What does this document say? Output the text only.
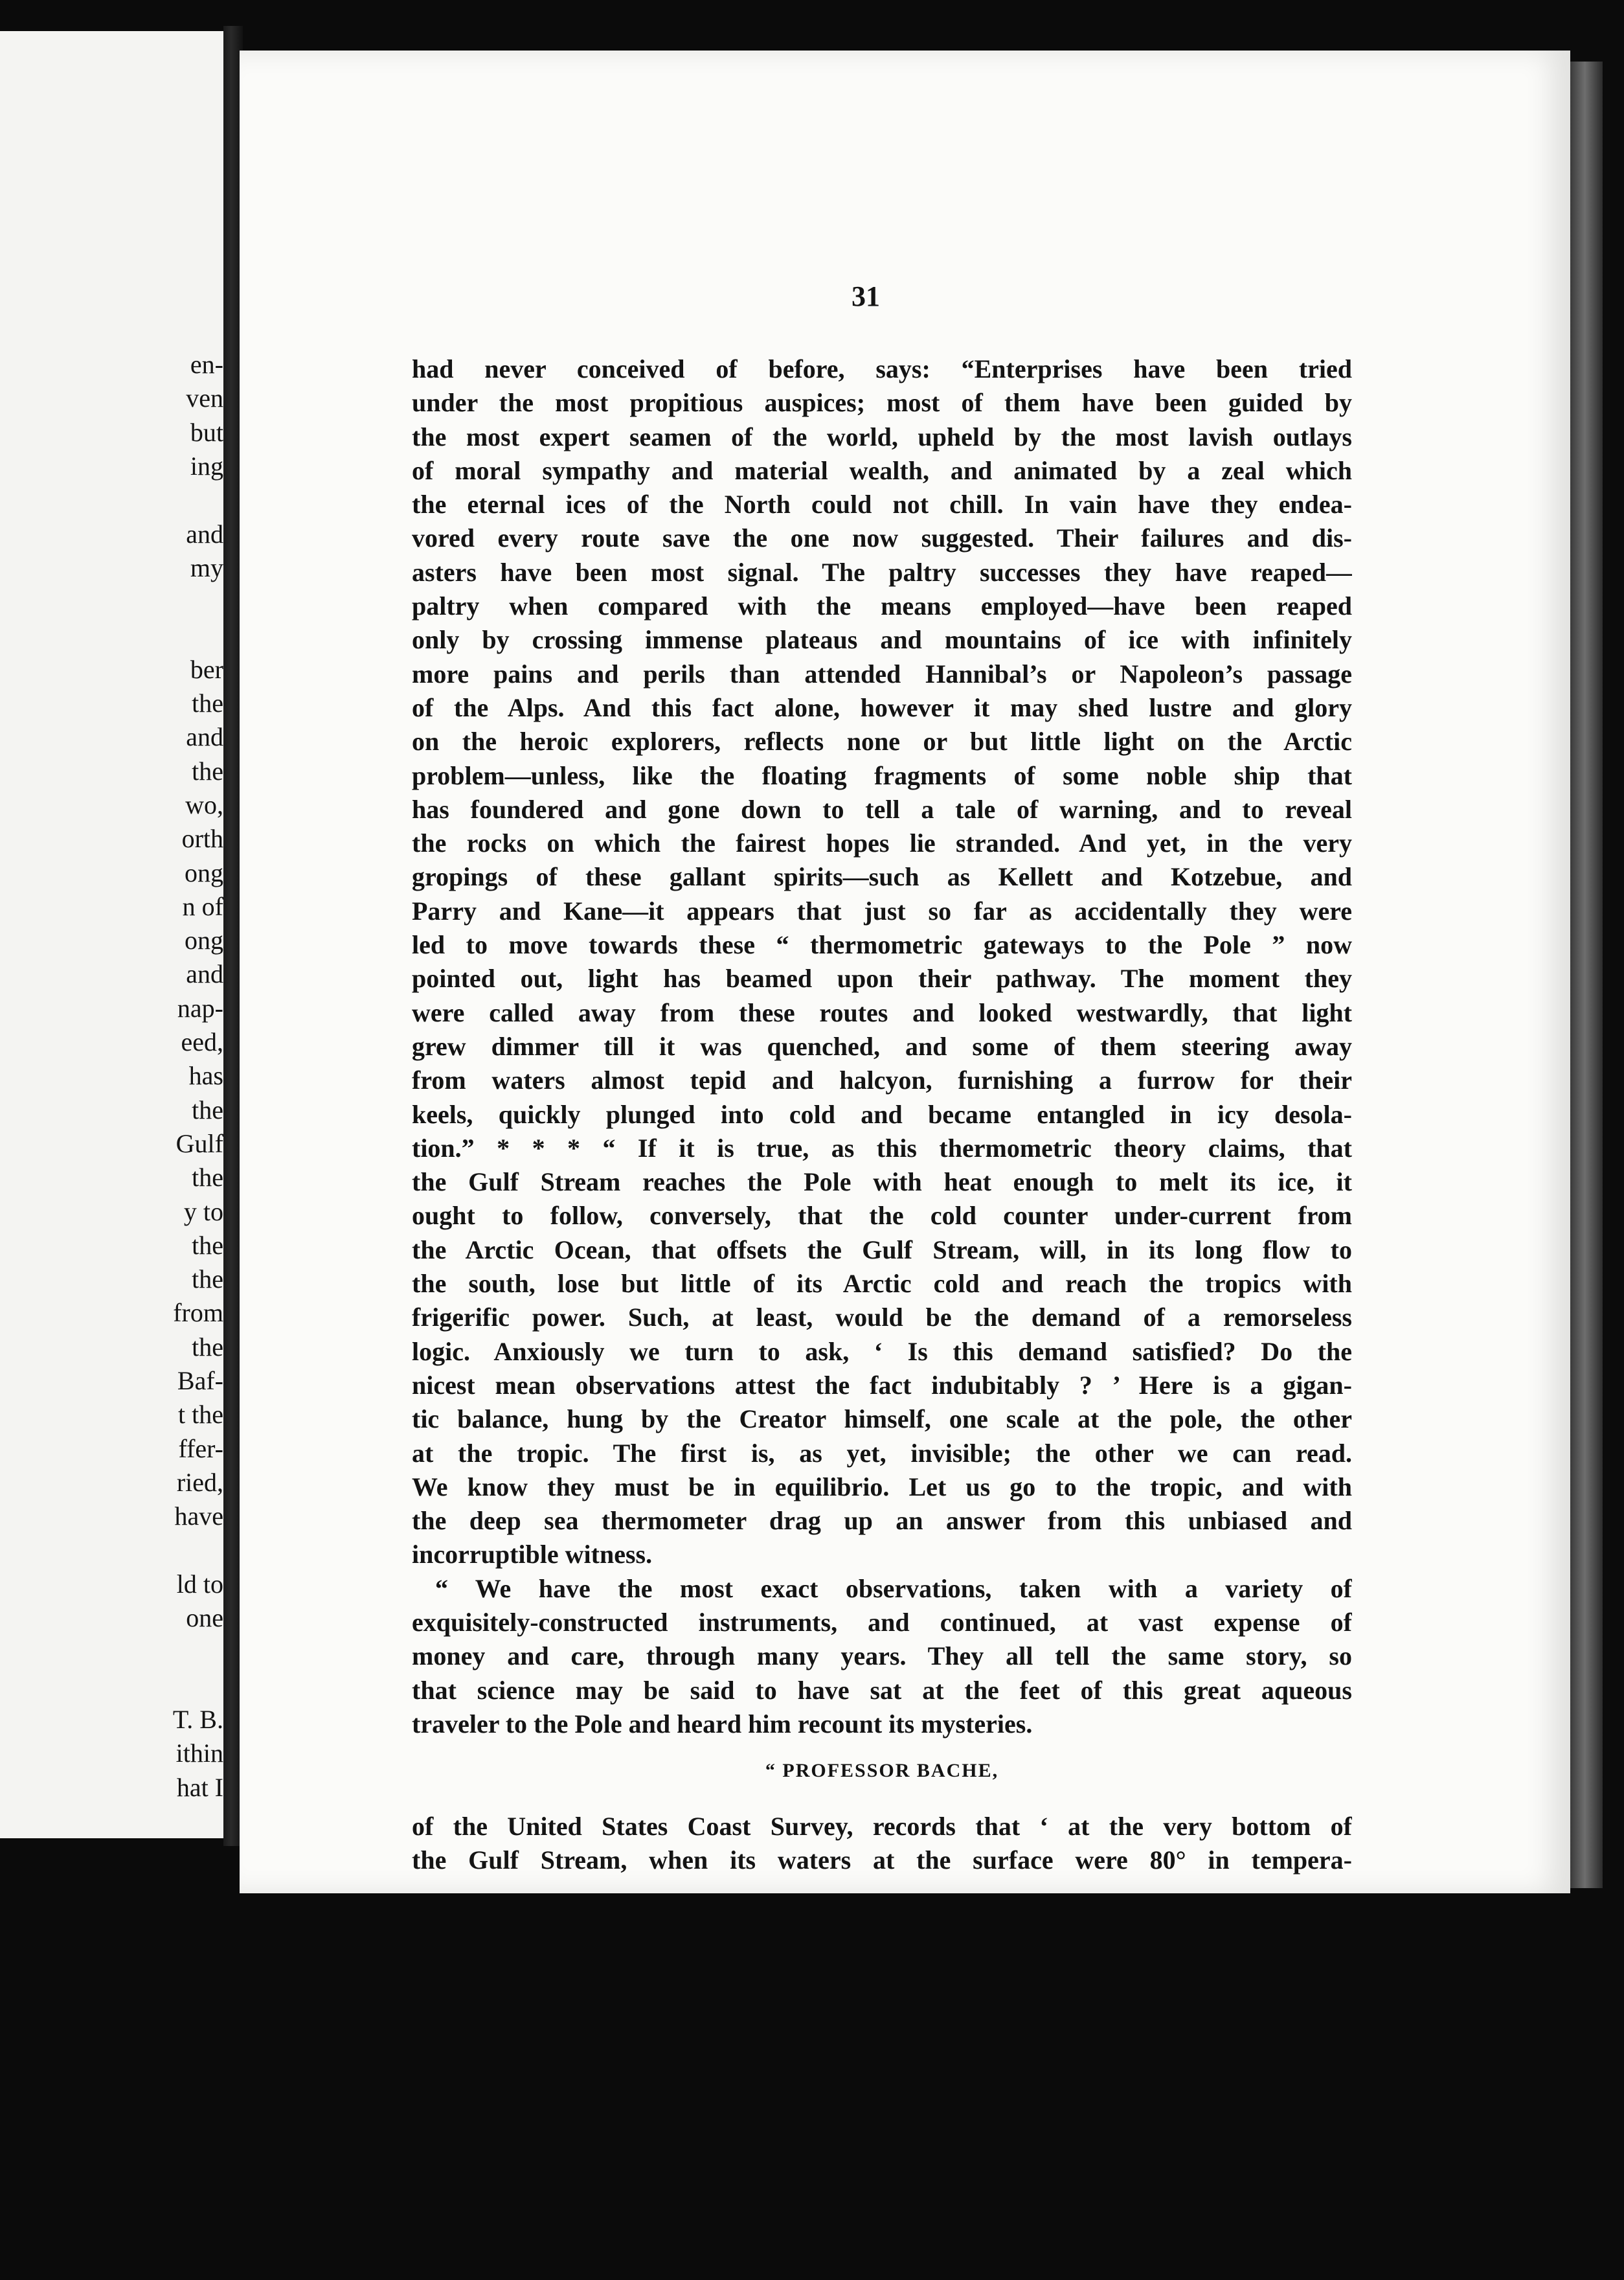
en-
ven
but
ing
and
my
ber
the
and
the
wo,
orth
ong
n of
ong
and
nap-
eed,
has
the
Gulf
the
y to
the
the
from
the
Baf-
t the
ffer-
ried,
have
ld to
one
T. B.
ithin
hat I
31
had never conceived of before, says: “Enterprises have been tried
under the most propitious auspices; most of them have been guided by
the most expert seamen of the world, upheld by the most lavish outlays
of moral sympathy and material wealth, and animated by a zeal which
the eternal ices of the North could not chill. In vain have they endea-
vored every route save the one now suggested. Their failures and dis-
asters have been most signal. The paltry successes they have reaped—
paltry when compared with the means employed—have been reaped
only by crossing immense plateaus and mountains of ice with infinitely
more pains and perils than attended Hannibal’s or Napoleon’s passage
of the Alps. And this fact alone, however it may shed lustre and glory
on the heroic explorers, reflects none or but little light on the Arctic
problem—unless, like the floating fragments of some noble ship that
has foundered and gone down to tell a tale of warning, and to reveal
the rocks on which the fairest hopes lie stranded. And yet, in the very
gropings of these gallant spirits—such as Kellett and Kotzebue, and
Parry and Kane—it appears that just so far as accidentally they were
led to move towards these “ thermometric gateways to the Pole ” now
pointed out, light has beamed upon their pathway. The moment they
were called away from these routes and looked westwardly, that light
grew dimmer till it was quenched, and some of them steering away
from waters almost tepid and halcyon, furnishing a furrow for their
keels, quickly plunged into cold and became entangled in icy desola-
tion.” * * * “ If it is true, as this thermometric theory claims, that
the Gulf Stream reaches the Pole with heat enough to melt its ice, it
ought to follow, conversely, that the cold counter under-current from
the Arctic Ocean, that offsets the Gulf Stream, will, in its long flow to
the south, lose but little of its Arctic cold and reach the tropics with
frigerific power. Such, at least, would be the demand of a remorseless
logic. Anxiously we turn to ask, ‘ Is this demand satisfied? Do the
nicest mean observations attest the fact indubitably ? ’ Here is a gigan-
tic balance, hung by the Creator himself, one scale at the pole, the other
at the tropic. The first is, as yet, invisible; the other we can read.
We know they must be in equilibrio. Let us go to the tropic, and with
the deep sea thermometer drag up an answer from this unbiased and
incorruptible witness.
“ We have the most exact observations, taken with a variety of
exquisitely-constructed instruments, and continued, at vast expense of
money and care, through many years. They all tell the same story, so
that science may be said to have sat at the feet of this great aqueous
traveler to the Pole and heard him recount its mysteries.
“ PROFESSOR BACHE,
of the United States Coast Survey, records that ‘ at the very bottom of
the Gulf Stream, when its waters at the surface were 80° in tempera-
